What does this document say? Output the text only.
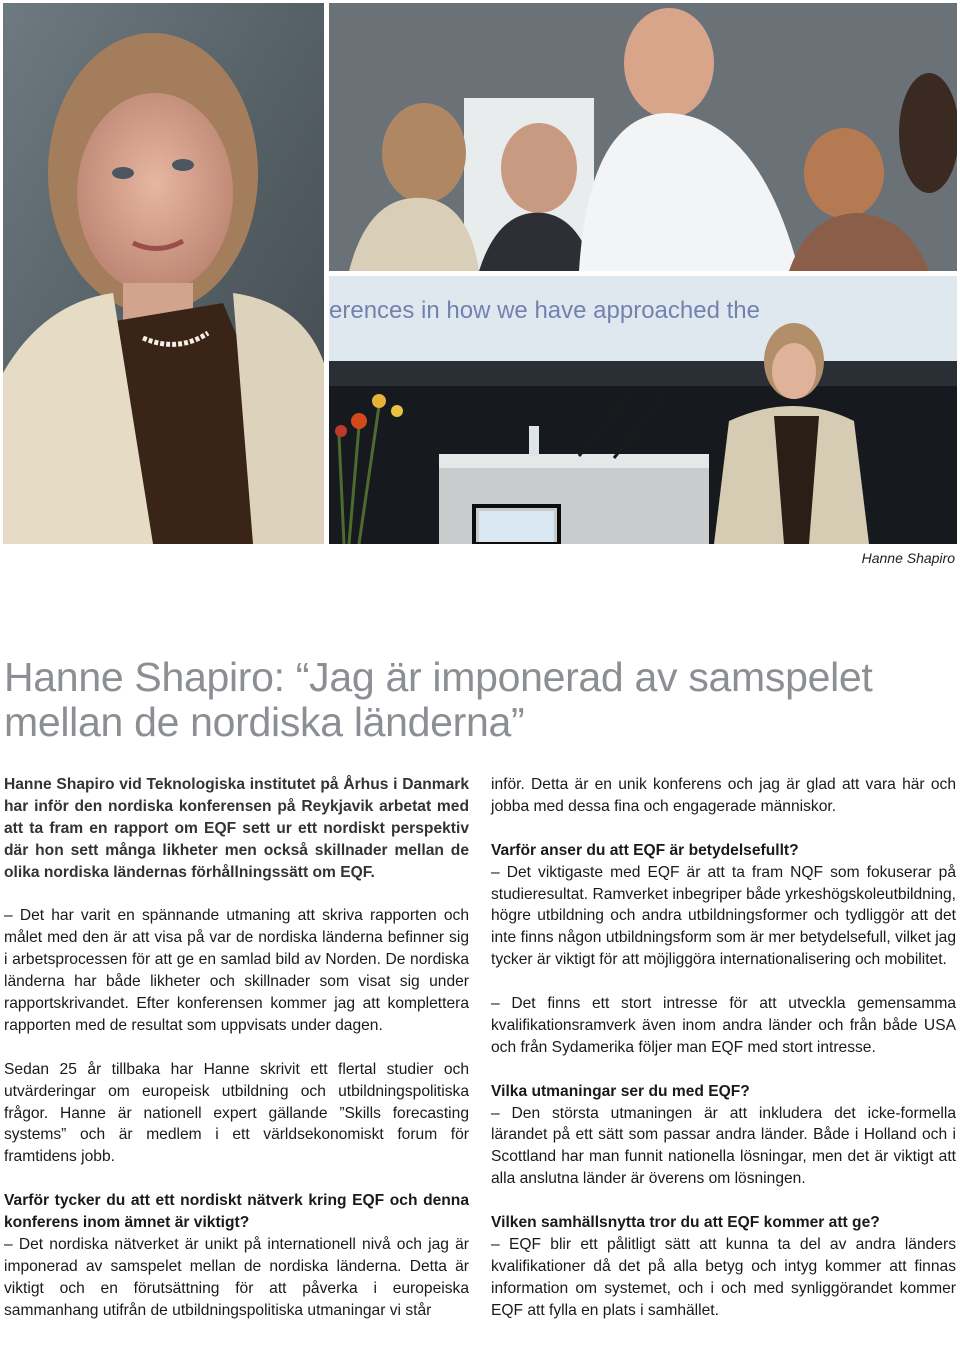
erences in how we have approached the
Hanne Shapiro
Hanne Shapiro: “Jag är imponerad av samspelet
mellan de nordiska länderna”

Hanne Shapiro vid Teknologiska institutet på Århus i Danmark har inför den nordiska konferensen på Reykjavik arbetat med att ta fram en rapport om EQF sett ur ett nordiskt perspektiv där hon sett många likheter men också skillnader mellan de olika nordiska ländernas förhållningssätt om EQF.

– Det har varit en spännande utmaning att skriva rapporten och målet med den är att visa på var de nordiska länderna befinner sig i arbetsprocessen för att ge en samlad bild av Norden. De nordiska länderna har både likheter och skillnader som visat sig under rapportskrivandet. Efter konferensen kommer jag att komplettera rapporten med de resultat som uppvisats under dagen.

Sedan 25 år tillbaka har Hanne skrivit ett flertal studier och utvärderingar om europeisk utbildning och utbildningspolitiska frågor. Hanne är nationell expert gällande ”Skills forecasting systems” och är medlem i ett världsekonomiskt forum för framtidens jobb.

Varför tycker du att ett nordiskt nätverk kring EQF och denna konferens inom ämnet är viktigt?
– Det nordiska nätverket är unikt på internationell nivå och jag är imponerad av samspelet mellan de nordiska länderna. Detta är viktigt och en förutsättning för att påverka i europeiska sammanhang utifrån de utbildningspolitiska utmaningar vi står

inför. Detta är en unik konferens och jag är glad att vara här och jobba med dessa fina och engagerade människor.

Varför anser du att EQF är betydelsefullt?
– Det viktigaste med EQF är att ta fram NQF som fokuserar på studieresultat. Ramverket inbegriper både yrkeshögskoleutbildning, högre utbildning och andra utbildningsformer och tydliggör att det inte finns någon utbildningsform som är mer betydelsefull, vilket jag tycker är viktigt för att möjliggöra internationalisering och mobilitet.

– Det finns ett stort intresse för att utveckla gemensamma kvalifikationsramverk även inom andra länder och från både USA och från Sydamerika följer man EQF med stort intresse.

Vilka utmaningar ser du med EQF?
– Den största utmaningen är att inkludera det icke-formella lärandet på ett sätt som passar andra länder. Både i Holland och i Scottland har man funnit nationella lösningar, men det är viktigt att alla anslutna länder är överens om lösningen.

Vilken samhällsnytta tror du att EQF kommer att ge?
– EQF blir ett pålitligt sätt att kunna ta del av andra länders kvalifikationer då det på alla betyg och intyg kommer att finnas information om systemet, och i och med synliggörandet kommer EQF att fylla en plats i samhället.
